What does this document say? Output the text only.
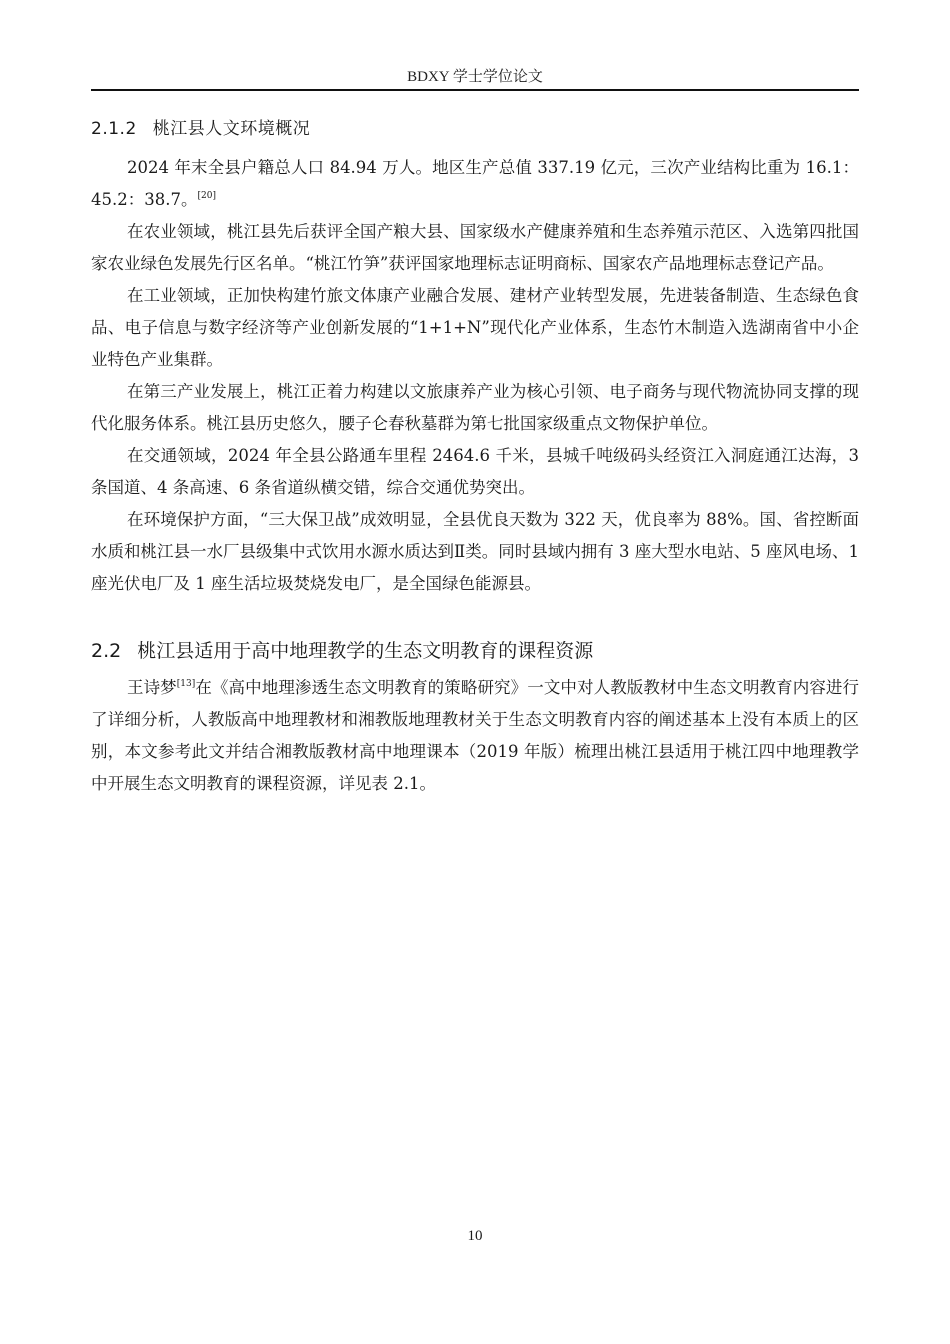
BDXY 学士学位论文
2.1.2 桃江县人文环境概况

2024 年末全县户籍总人口 84.94 万人。地区生产总值 337.19 亿元，三次产业结构比重为 16.1：45.2：38.7。[20]

在农业领域，桃江县先后获评全国产粮大县、国家级水产健康养殖和生态养殖示范区、入选第四批国家农业绿色发展先行区名单。“桃江竹笋”获评国家地理标志证明商标、国家农产品地理标志登记产品。

在工业领域，正加快构建竹旅文体康产业融合发展、建材产业转型发展，先进装备制造、生态绿色食品、电子信息与数字经济等产业创新发展的“1+1+N”现代化产业体系，生态竹木制造入选湖南省中小企业特色产业集群。

在第三产业发展上，桃江正着力构建以文旅康养产业为核心引领、电子商务与现代物流协同支撑的现代化服务体系。桃江县历史悠久，腰子仑春秋墓群为第七批国家级重点文物保护单位。

在交通领域，2024 年全县公路通车里程 2464.6 千米，县城千吨级码头经资江入洞庭通江达海，3 条国道、4 条高速、6 条省道纵横交错，综合交通优势突出。

在环境保护方面，“三大保卫战”成效明显，全县优良天数为 322 天，优良率为 88%。国、省控断面水质和桃江县一水厂县级集中式饮用水源水质达到Ⅱ类。同时县域内拥有 3 座大型水电站、5 座风电场、1 座光伏电厂及 1 座生活垃圾焚烧发电厂，是全国绿色能源县。

2.2 桃江县适用于高中地理教学的生态文明教育的课程资源

王诗梦[13]在《高中地理渗透生态文明教育的策略研究》一文中对人教版教材中生态文明教育内容进行了详细分析，人教版高中地理教材和湘教版地理教材关于生态文明教育内容的阐述基本上没有本质上的区别，本文参考此文并结合湘教版教材高中地理课本（2019 年版）梳理出桃江县适用于桃江四中地理教学中开展生态文明教育的课程资源，详见表 2.1。

10
